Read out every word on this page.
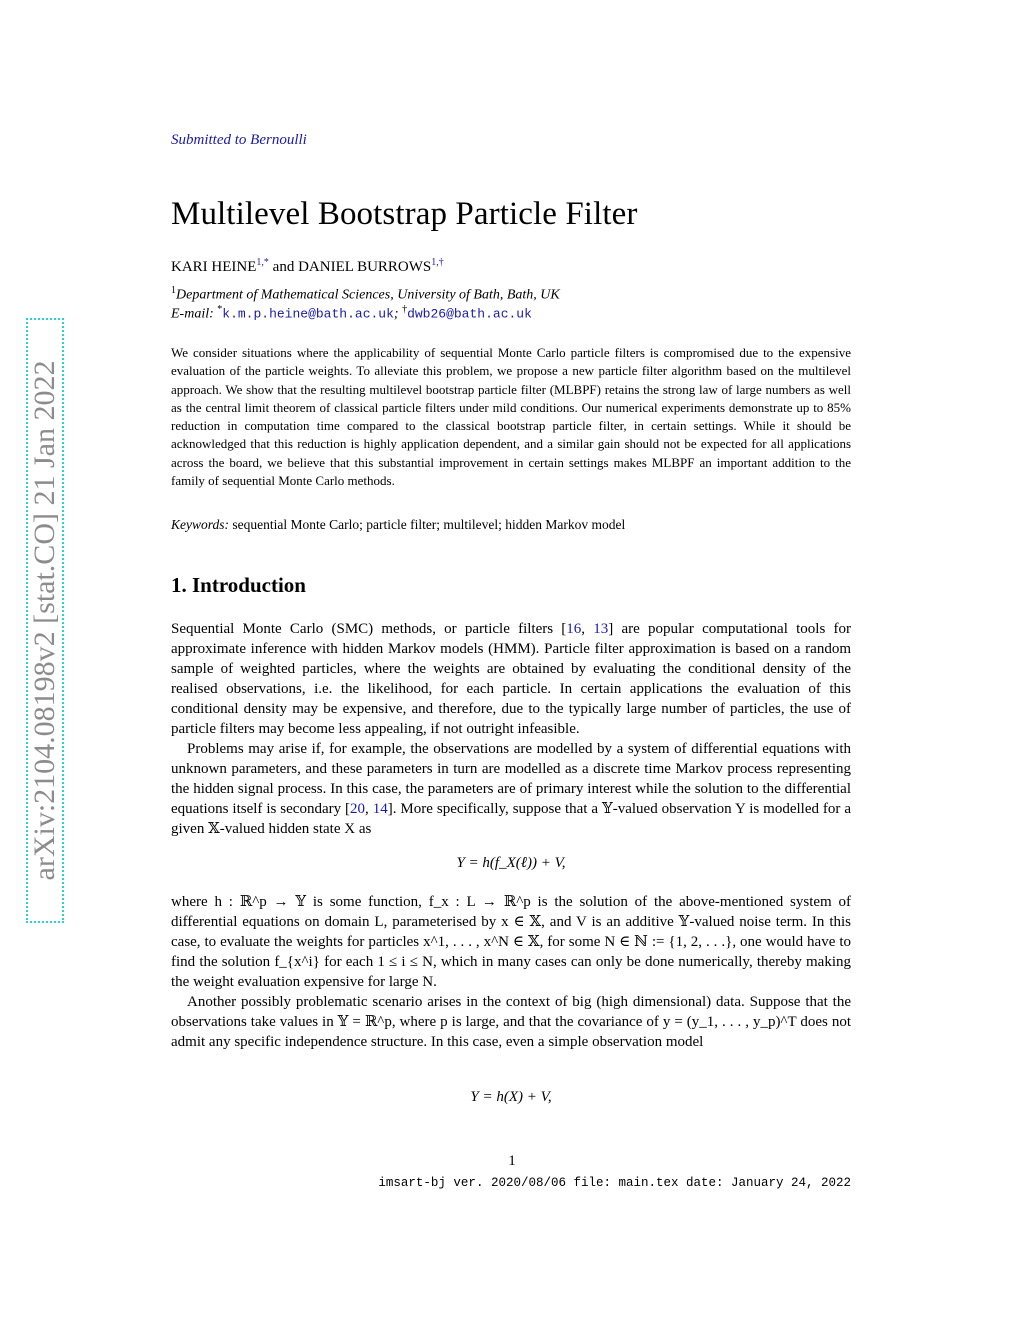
arXiv:2104.08198v2 [stat.CO] 21 Jan 2022
Submitted to Bernoulli
Multilevel Bootstrap Particle Filter
KARI $HEINE^{1,*}$ and DANIEL $BURROWS^{1,\dagger}$
$^1$Department of Mathematical Sciences, University of Bath, Bath, UK
E-mail: *k.m.p.heine@bath.ac.uk; †dwb26@bath.ac.uk

We consider situations where the applicability of sequential Monte Carlo particle filters is compromised due to the expensive evaluation of the particle weights. To alleviate this problem, we propose a new particle filter algorithm based on the multilevel approach. We show that the resulting multilevel bootstrap particle filter (MLBPF) retains the strong law of large numbers as well as the central limit theorem of classical particle filters under mild conditions. Our numerical experiments demonstrate up to 85% reduction in computation time compared to the classical bootstrap particle filter, in certain settings. While it should be acknowledged that this reduction is highly application dependent, and a similar gain should not be expected for all applications across the board, we believe that this substantial improvement in certain settings makes MLBPF an important addition to the family of sequential Monte Carlo methods.

Keywords: sequential Monte Carlo; particle filter; multilevel; hidden Markov model

1. Introduction

Sequential Monte Carlo (SMC) methods, or particle filters [16, 13] are popular computational tools for approximate inference with hidden Markov models (HMM). Particle filter approximation is based on a random sample of weighted particles, where the weights are obtained by evaluating the conditional density of the realised observations, i.e. the likelihood, for each particle. In certain applications the evaluation of this conditional density may be expensive, and therefore, due to the typically large number of particles, the use of particle filters may become less appealing, if not outright infeasible.

Problems may arise if, for example, the observations are modelled by a system of differential equations with unknown parameters, and these parameters in turn are modelled as a discrete time Markov process representing the hidden signal process. In this case, the parameters are of primary interest while the solution to the differential equations itself is secondary [20, 14]. More specifically, suppose that a 𝕐-valued observation Y is modelled for a given 𝕏-valued hidden state X as

Y = h(f_X(ℓ)) + V,

where h : ℝ^p → 𝕐 is some function, f_x : L → ℝ^p is the solution of the above-mentioned system of differential equations on domain L, parameterised by x ∈ 𝕏, and V is an additive 𝕐-valued noise term. In this case, to evaluate the weights for particles x^1, . . . , x^N ∈ 𝕏, for some N ∈ ℕ := {1, 2, . . .}, one would have to find the solution f_{x^i} for each 1 ≤ i ≤ N, which in many cases can only be done numerically, thereby making the weight evaluation expensive for large N.

Another possibly problematic scenario arises in the context of big (high dimensional) data. Suppose that the observations take values in 𝕐 = ℝ^p, where p is large, and that the covariance of y = (y_1, . . . , y_p)^T does not admit any specific independence structure. In this case, even a simple observation model

Y = h(X) + V,
1
imsart-bj ver. 2020/08/06 file: main.tex date: January 24, 2022
